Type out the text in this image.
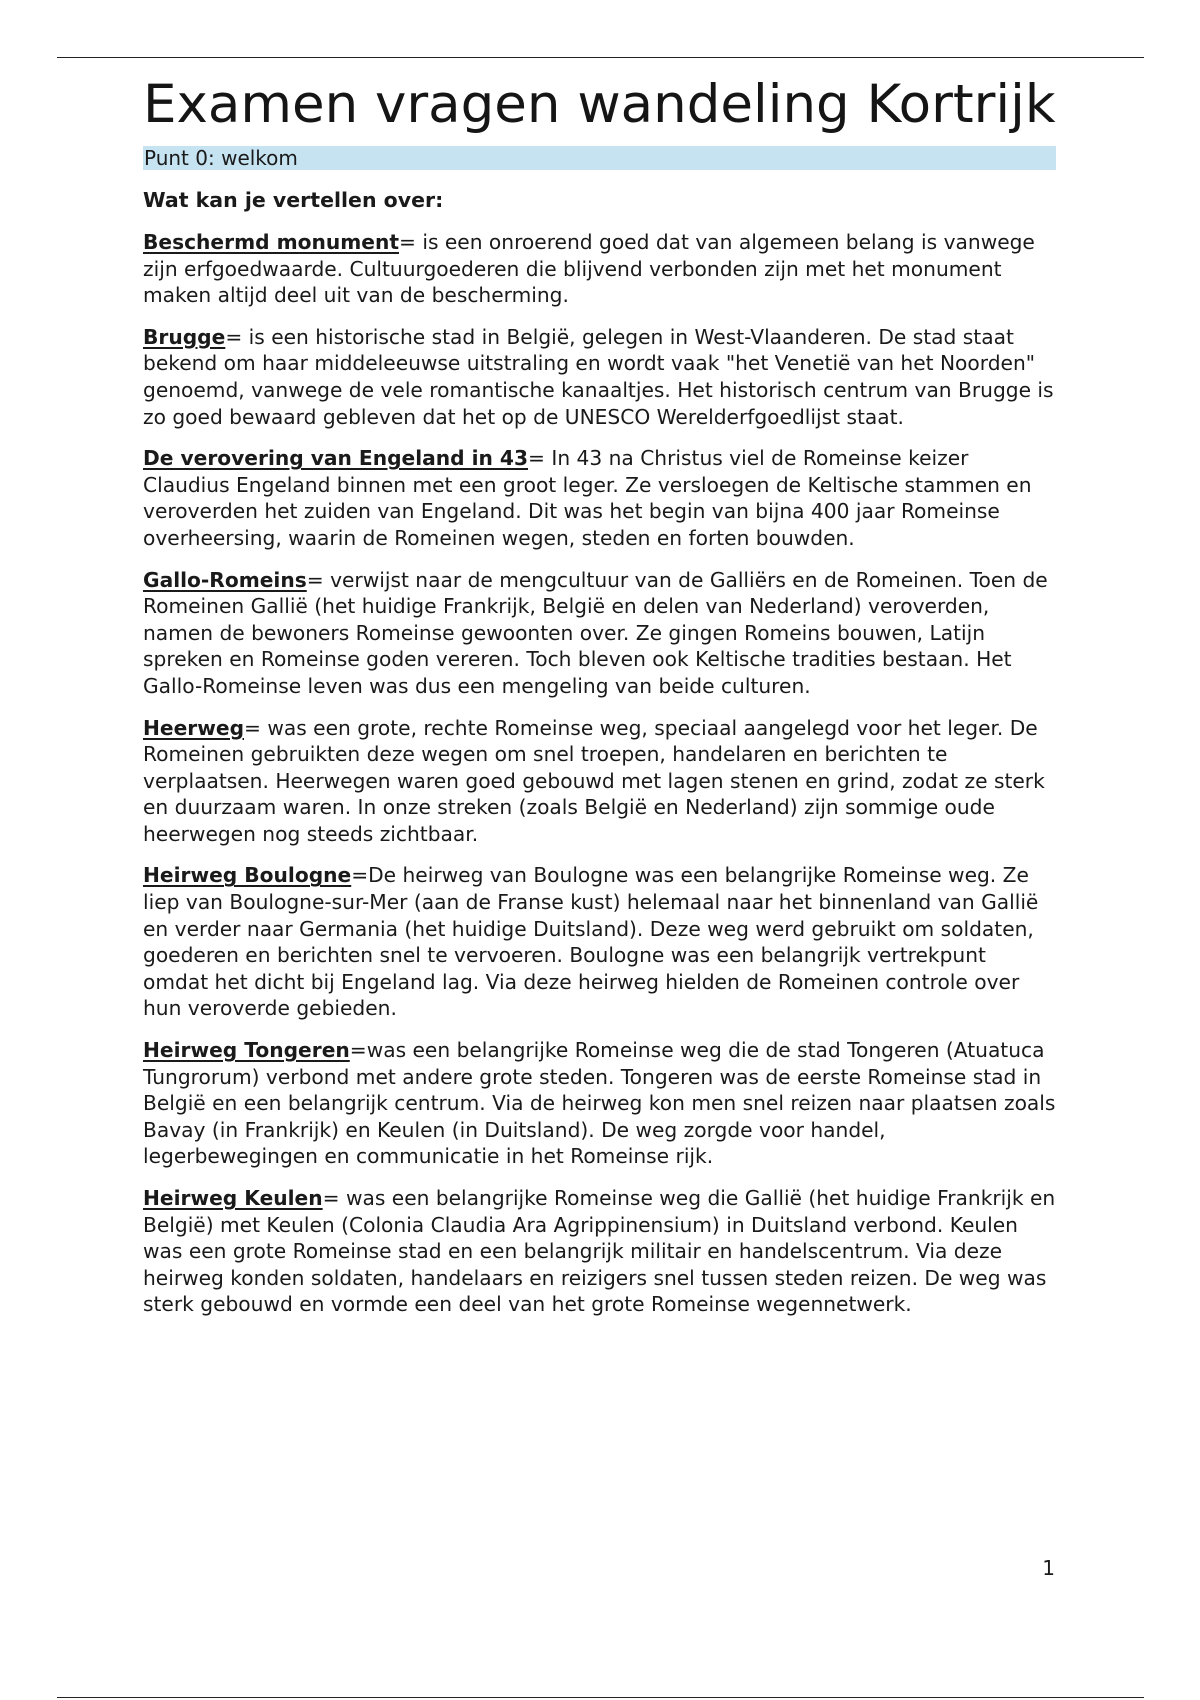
Examen vragen wandeling Kortrijk
Punt 0: welkom

Wat kan je vertellen over:

Beschermd monument= is een onroerend goed dat van algemeen belang is vanwege zijn erfgoedwaarde. Cultuurgoederen die blijvend verbonden zijn met het monument maken altijd deel uit van de bescherming.

Brugge= is een historische stad in België, gelegen in West-Vlaanderen. De stad staat bekend om haar middeleeuwse uitstraling en wordt vaak "het Venetië van het Noorden" genoemd, vanwege de vele romantische kanaaltjes. Het historisch centrum van Brugge is zo goed bewaard gebleven dat het op de UNESCO Werelderfgoedlijst staat.

De verovering van Engeland in 43= In 43 na Christus viel de Romeinse keizer Claudius Engeland binnen met een groot leger. Ze versloegen de Keltische stammen en veroverden het zuiden van Engeland. Dit was het begin van bijna 400 jaar Romeinse overheersing, waarin de Romeinen wegen, steden en forten bouwden.

Gallo-Romeins= verwijst naar de mengcultuur van de Galliërs en de Romeinen. Toen de Romeinen Gallië (het huidige Frankrijk, België en delen van Nederland) veroverden, namen de bewoners Romeinse gewoonten over. Ze gingen Romeins bouwen, Latijn spreken en Romeinse goden vereren. Toch bleven ook Keltische tradities bestaan. Het Gallo-Romeinse leven was dus een mengeling van beide culturen.

Heerweg= was een grote, rechte Romeinse weg, speciaal aangelegd voor het leger. De Romeinen gebruikten deze wegen om snel troepen, handelaren en berichten te verplaatsen. Heerwegen waren goed gebouwd met lagen stenen en grind, zodat ze sterk en duurzaam waren. In onze streken (zoals België en Nederland) zijn sommige oude heerwegen nog steeds zichtbaar.

Heirweg Boulogne=De heirweg van Boulogne was een belangrijke Romeinse weg. Ze liep van Boulogne-sur-Mer (aan de Franse kust) helemaal naar het binnenland van Gallië en verder naar Germania (het huidige Duitsland). Deze weg werd gebruikt om soldaten, goederen en berichten snel te vervoeren. Boulogne was een belangrijk vertrekpunt omdat het dicht bij Engeland lag. Via deze heirweg hielden de Romeinen controle over hun veroverde gebieden.

Heirweg Tongeren=was een belangrijke Romeinse weg die de stad Tongeren (Atuatuca Tungrorum) verbond met andere grote steden. Tongeren was de eerste Romeinse stad in België en een belangrijk centrum. Via de heirweg kon men snel reizen naar plaatsen zoals Bavay (in Frankrijk) en Keulen (in Duitsland). De weg zorgde voor handel, legerbewegingen en communicatie in het Romeinse rijk.

Heirweg Keulen= was een belangrijke Romeinse weg die Gallië (het huidige Frankrijk en België) met Keulen (Colonia Claudia Ara Agrippinensium) in Duitsland verbond. Keulen was een grote Romeinse stad en een belangrijk militair en handelscentrum. Via deze heirweg konden soldaten, handelaars en reizigers snel tussen steden reizen. De weg was sterk gebouwd en vormde een deel van het grote Romeinse wegennetwerk.

1
